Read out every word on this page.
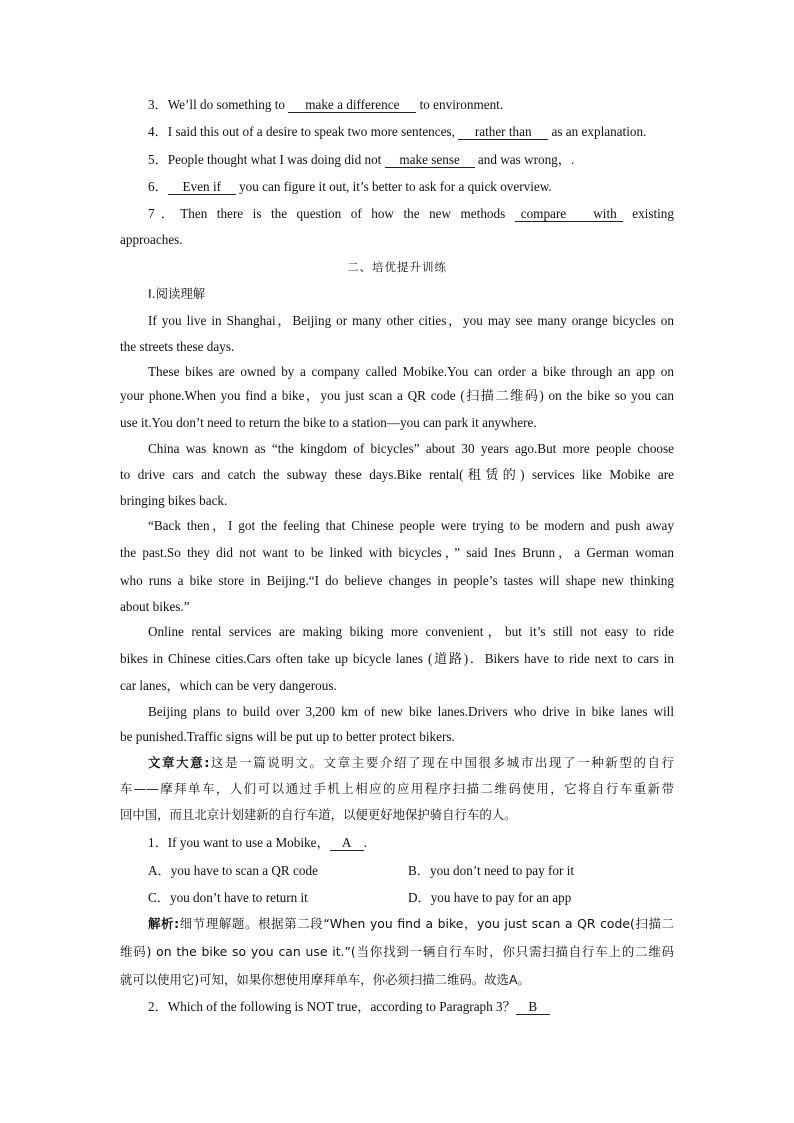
3．We’ll do something to make a difference to environment.
4．I said this out of a desire to speak two more sentences, rather than as an explanation.
5．People thought what I was doing did not make sense and was wrong，.
6． Even if you can figure it out, it’s better to ask for a quick overview.
7．Then there is the question of how the new methods compare with existing
approaches.
二、培优提升训练
Ⅰ.阅读理解
If you live in Shanghai，Beijing or many other cities，you may see many orange bicycles on
the streets these days.
These bikes are owned by a company called Mobike.You can order a bike through an app on
your phone.When you find a bike，you just scan a QR code (扫描二维码) on the bike so you can
use it.You don’t need to return the bike to a station—you can park it anywhere.
China was known as “the kingdom of bicycles” about 30 years ago.But more people choose
to drive cars and catch the subway these days.Bike rental(租赁的) services like Mobike are
bringing bikes back.
“Back then，I got the feeling that Chinese people were trying to be modern and push away
the past.So they did not want to be linked with bicycles，” said Ines Brunn，a German woman
who runs a bike store in Beijing.“I do believe changes in people’s tastes will shape new thinking
about bikes.”
Online rental services are making biking more convenient，but it’s still not easy to ride
bikes in Chinese cities.Cars often take up bicycle lanes (道路)．Bikers have to ride next to cars in
car lanes，which can be very dangerous.
Beijing plans to build over 3,200 km of new bike lanes.Drivers who drive in bike lanes will
be punished.Traffic signs will be put up to better protect bikers.
文章大意:这是一篇说明文。文章主要介绍了现在中国很多城市出现了一种新型的自行
车——摩拜单车，人们可以通过手机上相应的应用程序扫描二维码使用，它将自行车重新带
回中国，而且北京计划建新的自行车道，以便更好地保护骑自行车的人。
1．If you want to use a Mobike， A .
A．you have to scan a QR code	B．you don’t need to pay for it
C．you don’t have to return it	D．you have to pay for an app
解析:细节理解题。根据第二段“When you find a bike，you just scan a QR code(扫描二
维码) on the bike so you can use it.”(当你找到一辆自行车时，你只需扫描自行车上的二维码
就可以使用它)可知，如果你想使用摩拜单车，你必须扫描二维码。故选A。
2．Which of the following is NOT true，according to Paragraph 3？ B
